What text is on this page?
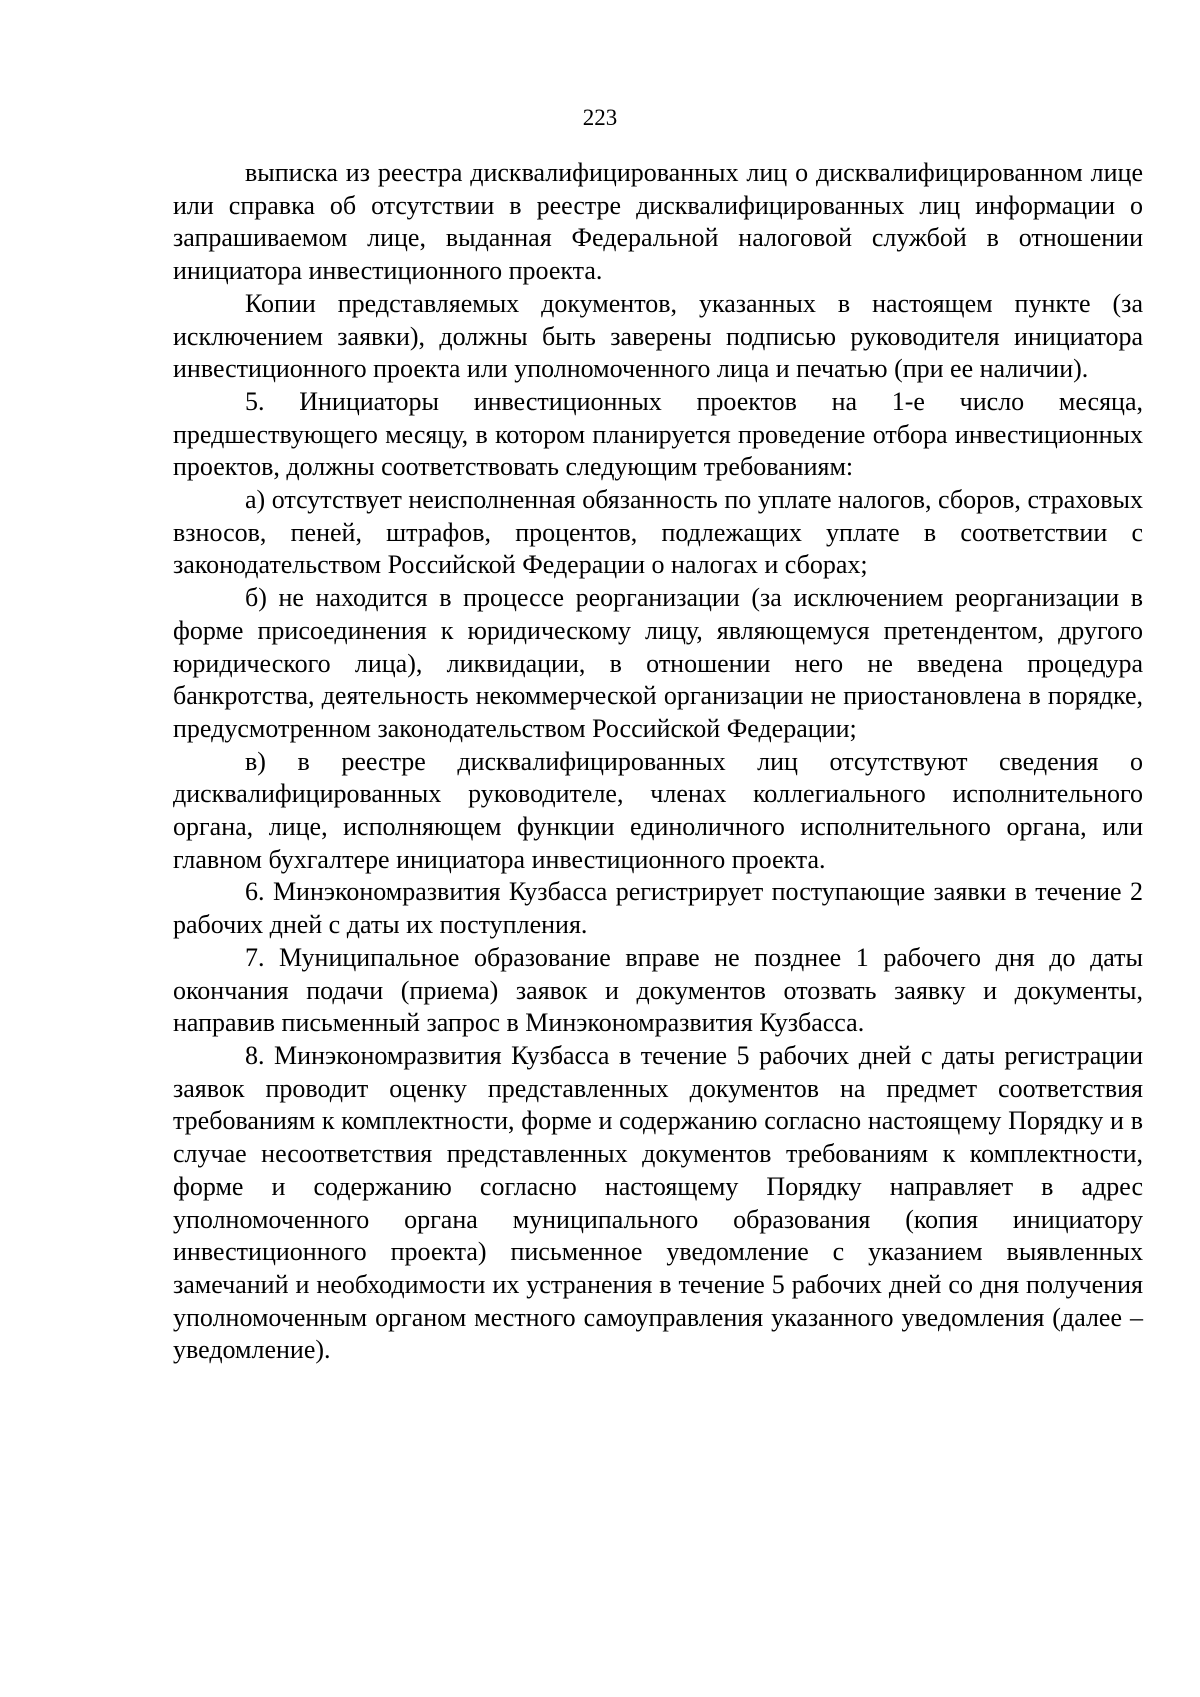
223

выписка из реестра дисквалифицированных лиц о дисквалифицированном лице или справка об отсутствии в реестре дисквалифицированных лиц информации о запрашиваемом лице, выданная Федеральной налоговой службой в отношении инициатора инвестиционного проекта.

Копии представляемых документов, указанных в настоящем пункте (за исключением заявки), должны быть заверены подписью руководителя инициатора инвестиционного проекта или уполномоченного лица и печатью (при ее наличии).

5. Инициаторы инвестиционных проектов на 1-е число месяца, предшествующего месяцу, в котором планируется проведение отбора инвестиционных проектов, должны соответствовать следующим требованиям:

а) отсутствует неисполненная обязанность по уплате налогов, сборов, страховых взносов, пеней, штрафов, процентов, подлежащих уплате в соответствии с законодательством Российской Федерации о налогах и сборах;

б) не находится в процессе реорганизации (за исключением реорганизации в форме присоединения к юридическому лицу, являющемуся претендентом, другого юридического лица), ликвидации, в отношении него не введена процедура банкротства, деятельность некоммерческой организации не приостановлена в порядке, предусмотренном законодательством Российской Федерации;

в) в реестре дисквалифицированных лиц отсутствуют сведения о дисквалифицированных руководителе, членах коллегиального исполнительного органа, лице, исполняющем функции единоличного исполнительного органа, или главном бухгалтере инициатора инвестиционного проекта.

6. Минэкономразвития Кузбасса регистрирует поступающие заявки в течение 2 рабочих дней с даты их поступления.

7. Муниципальное образование вправе не позднее 1 рабочего дня до даты окончания подачи (приема) заявок и документов отозвать заявку и документы, направив письменный запрос в Минэкономразвития Кузбасса.

8. Минэкономразвития Кузбасса в течение 5 рабочих дней с даты регистрации заявок проводит оценку представленных документов на предмет соответствия требованиям к комплектности, форме и содержанию согласно настоящему Порядку и в случае несоответствия представленных документов требованиям к комплектности, форме и содержанию согласно настоящему Порядку направляет в адрес уполномоченного органа муниципального образования (копия инициатору инвестиционного проекта) письменное уведомление с указанием выявленных замечаний и необходимости их устранения в течение 5 рабочих дней со дня получения уполномоченным органом местного самоуправления указанного уведомления (далее – уведомление).
